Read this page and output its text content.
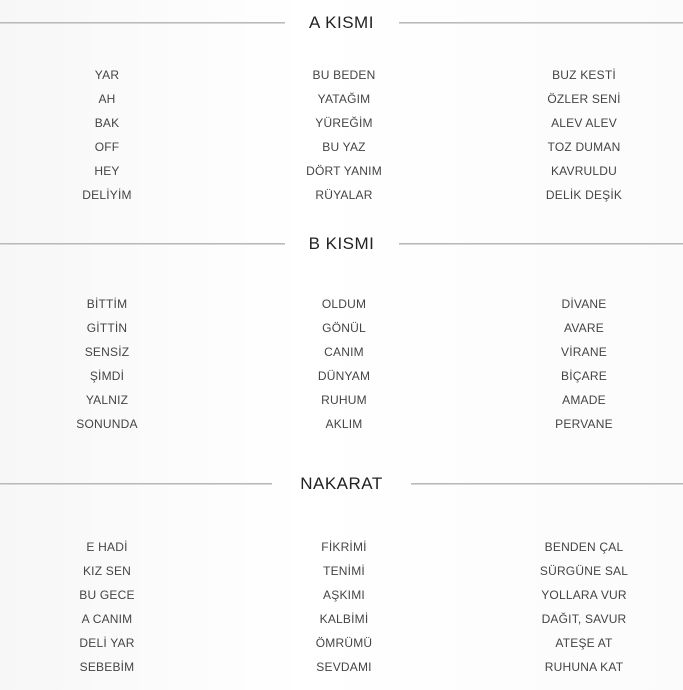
A KISMI
YAR
AH
BAK
OFF
HEY
DELİYİM
BU BEDEN
YATAĞIM
YÜREĞİM
BU YAZ
DÖRT YANIM
RÜYALAR
BUZ KESTİ
ÖZLER SENİ
ALEV ALEV
TOZ DUMAN
KAVRULDU
DELİK DEŞİK
B KISMI
BİTTİM
GİTTİN
SENSİZ
ŞİMDİ
YALNIZ
SONUNDA
OLDUM
GÖNÜL
CANIM
DÜNYAM
RUHUM
AKLIM
DİVANE
AVARE
VİRANE
BİÇARE
AMADE
PERVANE
NAKARAT
E HADİ
KIZ SEN
BU GECE
A CANIM
DELİ YAR
SEBEBİM
FİKRİMİ
TENİMİ
AŞKIMI
KALBİMİ
ÖMRÜMÜ
SEVDAMI
BENDEN ÇAL
SÜRGÜNE SAL
YOLLARA VUR
DAĞIT, SAVUR
ATEŞE AT
RUHUNA KAT
